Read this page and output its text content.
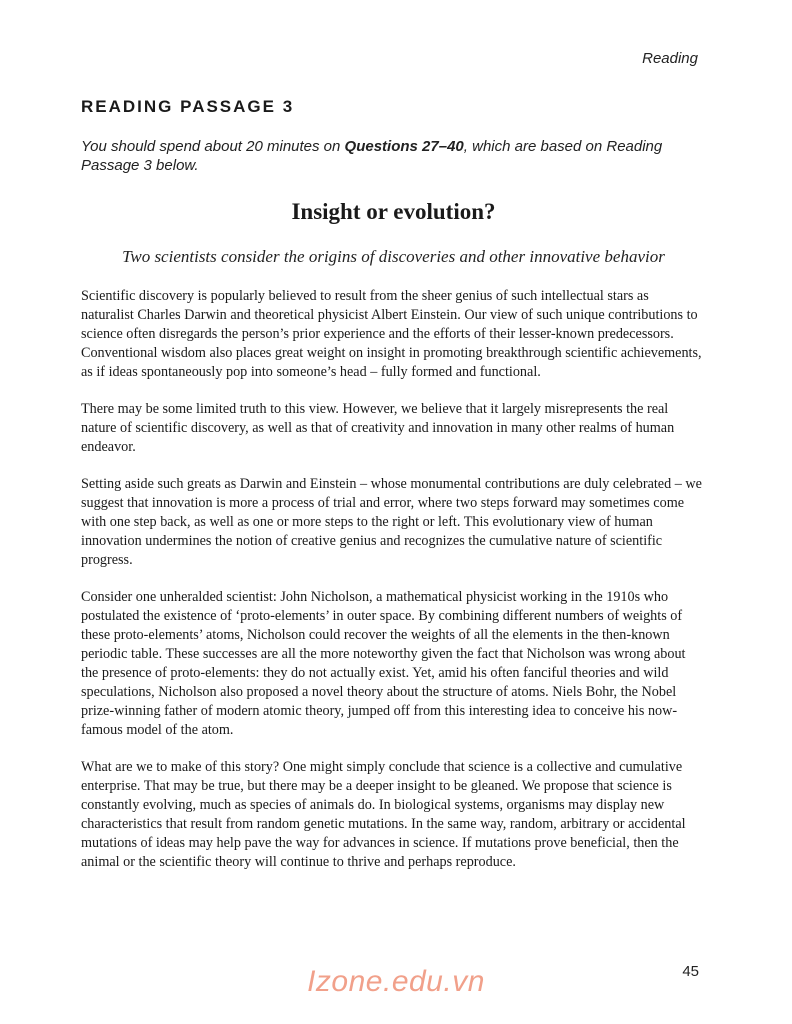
Reading
READING PASSAGE 3

You should spend about 20 minutes on Questions 27–40, which are based on Reading Passage 3 below.

Insight or evolution?

Two scientists consider the origins of discoveries and other innovative behavior

Scientific discovery is popularly believed to result from the sheer genius of such intellectual stars as naturalist Charles Darwin and theoretical physicist Albert Einstein. Our view of such unique contributions to science often disregards the person’s prior experience and the efforts of their lesser-known predecessors. Conventional wisdom also places great weight on insight in promoting breakthrough scientific achievements, as if ideas spontaneously pop into someone’s head – fully formed and functional.

There may be some limited truth to this view. However, we believe that it largely misrepresents the real nature of scientific discovery, as well as that of creativity and innovation in many other realms of human endeavor.

Setting aside such greats as Darwin and Einstein – whose monumental contributions are duly celebrated – we suggest that innovation is more a process of trial and error, where two steps forward may sometimes come with one step back, as well as one or more steps to the right or left. This evolutionary view of human innovation undermines the notion of creative genius and recognizes the cumulative nature of scientific progress.

Consider one unheralded scientist: John Nicholson, a mathematical physicist working in the 1910s who postulated the existence of ‘proto-elements’ in outer space. By combining different numbers of weights of these proto-elements’ atoms, Nicholson could recover the weights of all the elements in the then-known periodic table. These successes are all the more noteworthy given the fact that Nicholson was wrong about the presence of proto-elements: they do not actually exist. Yet, amid his often fanciful theories and wild speculations, Nicholson also proposed a novel theory about the structure of atoms. Niels Bohr, the Nobel prize-winning father of modern atomic theory, jumped off from this interesting idea to conceive his now-famous model of the atom.

What are we to make of this story? One might simply conclude that science is a collective and cumulative enterprise. That may be true, but there may be a deeper insight to be gleaned. We propose that science is constantly evolving, much as species of animals do. In biological systems, organisms may display new characteristics that result from random genetic mutations. In the same way, random, arbitrary or accidental mutations of ideas may help pave the way for advances in science. If mutations prove beneficial, then the animal or the scientific theory will continue to thrive and perhaps reproduce.

45
Izone.edu.vn
